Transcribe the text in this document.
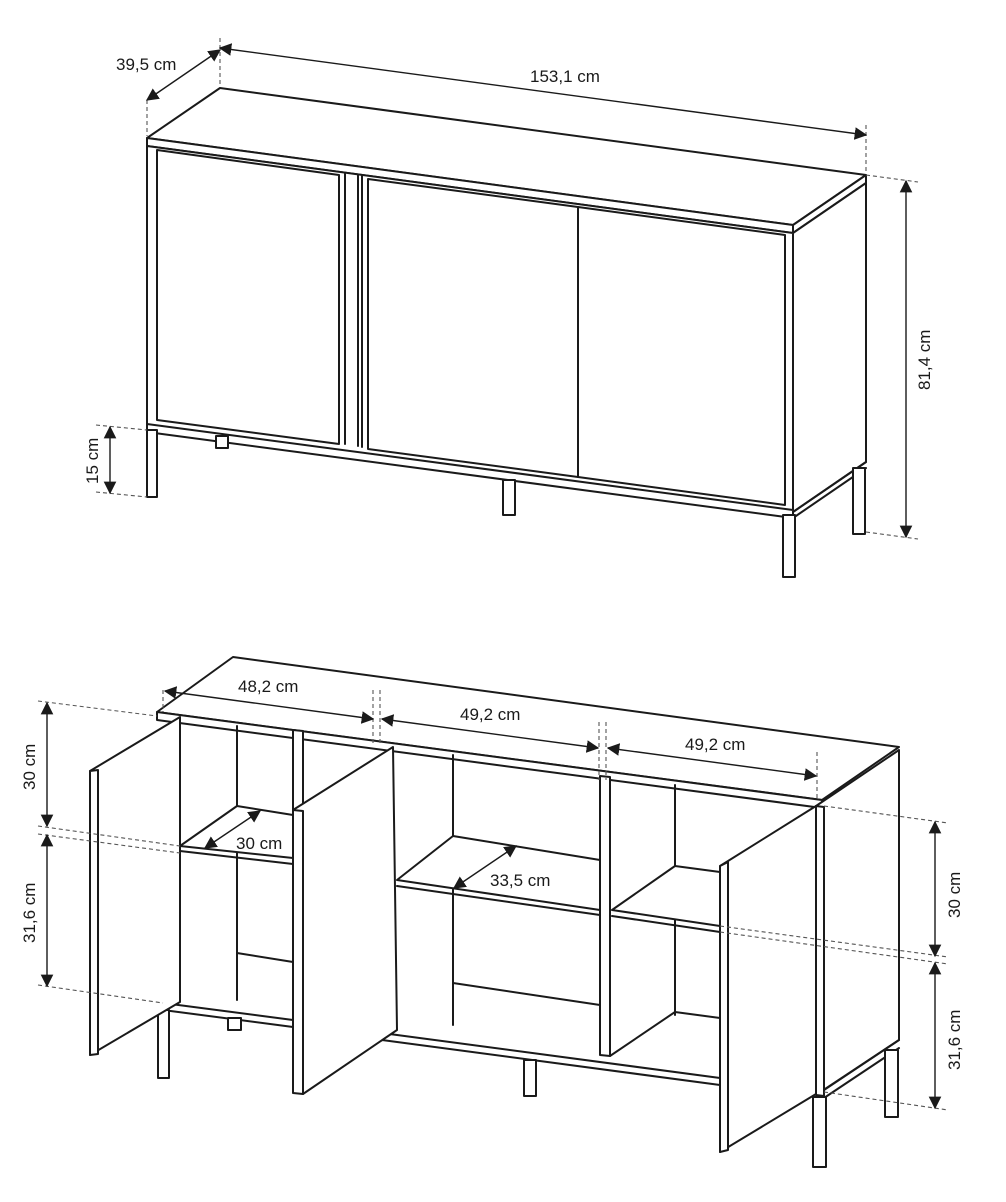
39,5 cm
153,1 cm
81,4 cm
15 cm
48,2 cm
49,2 cm
49,2 cm
30 cm
33,5 cm
30 cm
31,6 cm	30 cm
31,6 cm
